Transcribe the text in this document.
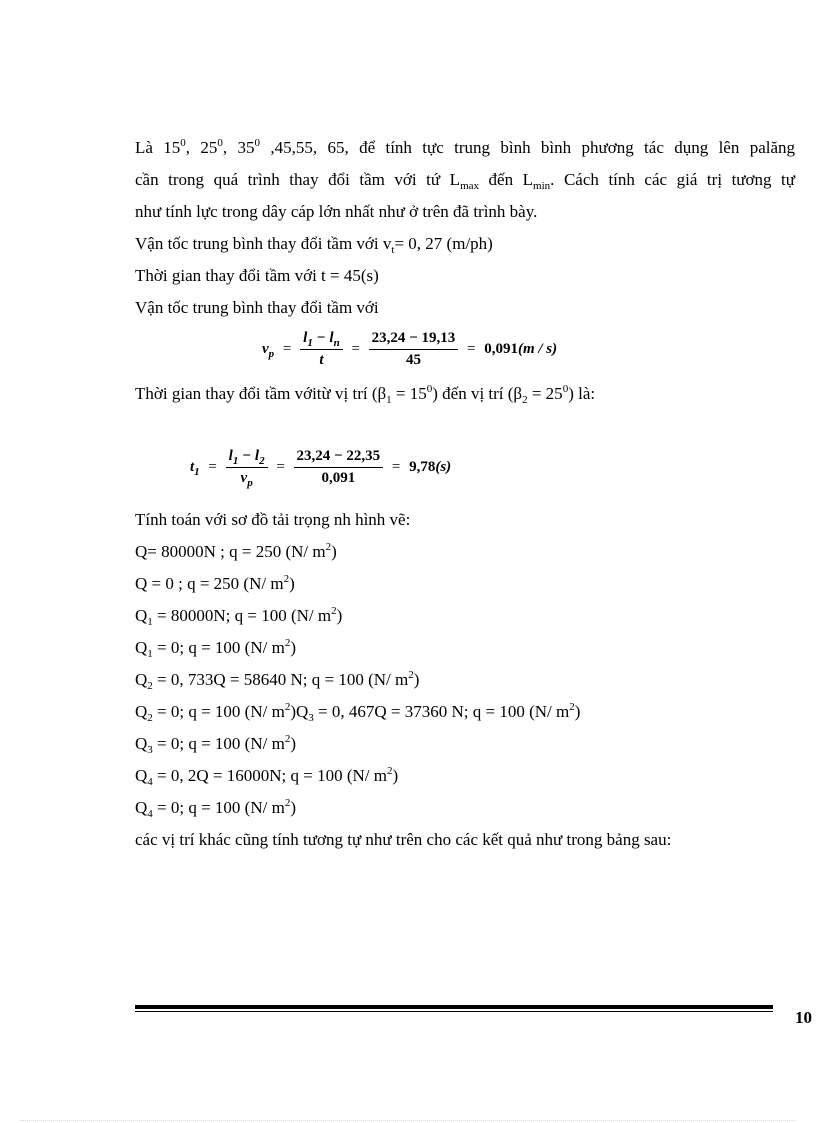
Là $15^0$, $25^0$, $35^0$ ,45,55, 65, để tính tực trung bình bình phương tác dụng lên palăng
cần trong quá trình thay đổi tầm với tứ $L_{max}$ đến $L_{min}$. Cách tính các giá trị tương tự
như tính lực trong dây cáp lớn nhất như ở trên đã trình bày.
Vận tốc trung bình thay đổi tầm với $v_t= 0$, 27 (m/ph)
Thời gian thay đổi tầm với t = 45(s)
Vận tốc trung bình thay đổi tầm với
$v_p = \frac{l_1 - l_n}{t} = \frac{23,24 - 19,13}{45} = 0,091(m / s)$
Thời gian thay đổi tầm vớitừ vị trí $(\beta_1 = 15^0)$ đến vị trí $(\beta_2 = 25^0)$ là:
$t_1 = \frac{l_1 - l_2}{v_p} = \frac{23,24 - 22,35}{0,091} = 9,78(s)$
Tính toán với sơ đồ tải trọng nh hình vẽ:
Q= 80000N ; q = 250 (N/ $m^2$)
Q = 0 ; q = 250 (N/ $m^2$)
$Q_1 = 80000N$; q = 100 (N/ $m^2$)
$Q_1 = 0$; q = 100 (N/ $m^2$)
$Q_2 = 0$, 733Q = 58640 N; q = 100 (N/ $m^2$)
$Q_2 = 0$; q = 100 (N/ $m^2)Q_3 = 0$, 467Q = 37360 N; q = 100 (N/ $m^2$)
$Q_3 = 0$; q = 100 (N/ $m^2$)
$Q_4 = 0$, 2Q = 16000N; q = 100 (N/ $m^2$)
$Q_4 = 0$; q = 100 (N/ $m^2$)
các vị trí khác cũng tính tương tự như trên cho các kết quả như trong bảng sau:
10
